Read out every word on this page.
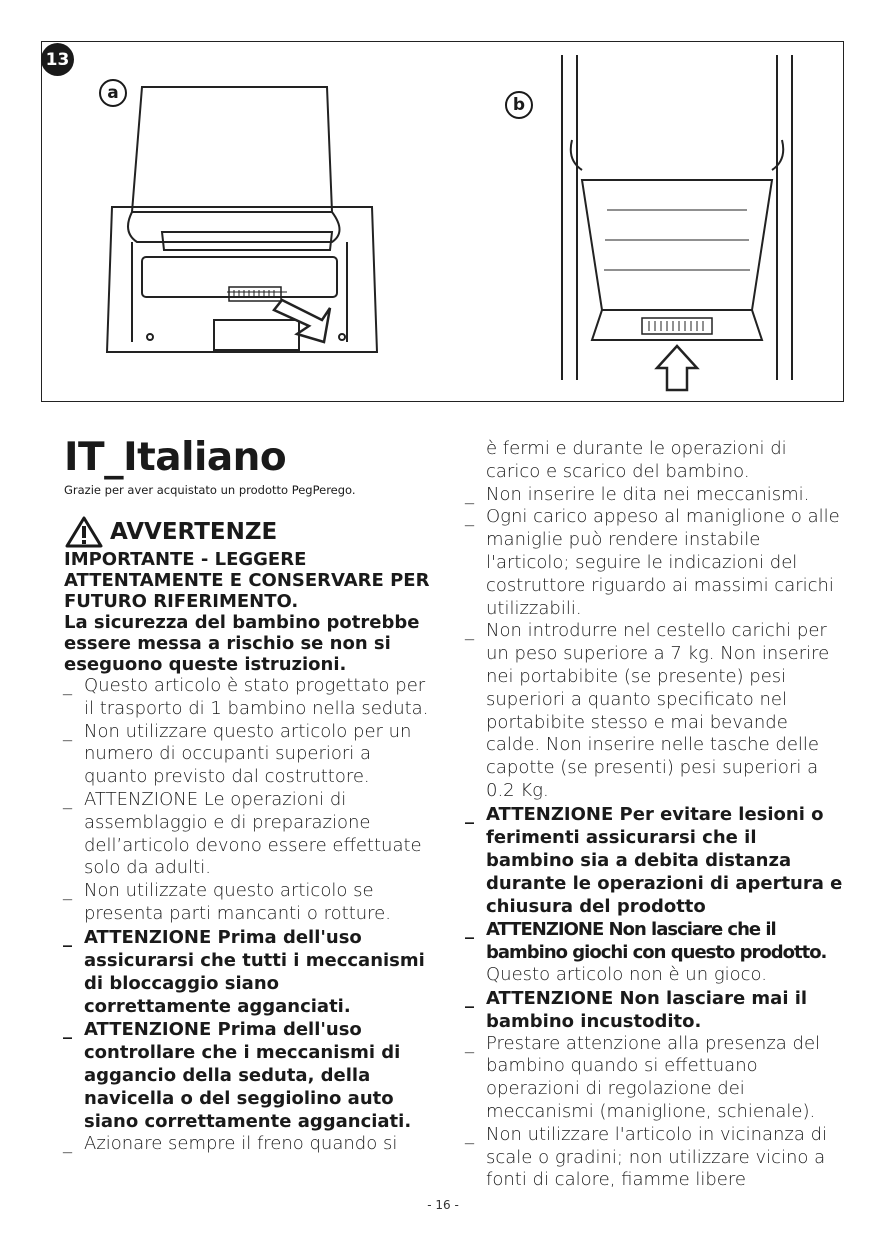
13
a
b
IT_Italiano
Grazie per aver acquistato un prodotto PegPerego.
AVVERTENZE
IMPORTANTE - LEGGERE ATTENTAMENTE E CONSERVARE PER FUTURO RIFERIMENTO.
La sicurezza del bambino potrebbe essere messa a rischio se non si eseguono queste istruzioni.
_ Questo articolo è stato progettato per il trasporto di 1 bambino nella seduta.
_ Non utilizzare questo articolo per un numero di occupanti superiori a quanto previsto dal costruttore.
_ ATTENZIONE Le operazioni di assemblaggio e di preparazione dell’articolo devono essere effettuate solo da adulti.
_ Non utilizzate questo articolo se presenta parti mancanti o rotture.
_ ATTENZIONE Prima dell'uso assicurarsi che tutti i meccanismi di bloccaggio siano correttamente agganciati.
_ ATTENZIONE Prima dell'uso controllare che i meccanismi di aggancio della seduta, della navicella o del seggiolino auto siano correttamente agganciati.
_ Azionare sempre il freno quando si
è fermi e durante le operazioni di carico e scarico del bambino.
_ Non inserire le dita nei meccanismi.
_ Ogni carico appeso al maniglione o alle maniglie può rendere instabile l'articolo; seguire le indicazioni del costruttore riguardo ai massimi carichi utilizzabili.
_ Non introdurre nel cestello carichi per un peso superiore a 7 kg. Non inserire nei portabibite (se presente) pesi superiori a quanto specificato nel portabibite stesso e mai bevande calde. Non inserire nelle tasche delle capotte (se presenti) pesi superiori a 0.2 Kg.
_ ATTENZIONE Per evitare lesioni o ferimenti assicurarsi che il bambino sia a debita distanza durante le operazioni di apertura e chiusura del prodotto
_ ATTENZIONE Non lasciare che il bambino giochi con questo prodotto.
Questo articolo non è un gioco.
_ ATTENZIONE Non lasciare mai il bambino incustodito.
_ Prestare attenzione alla presenza del bambino quando si effettuano operazioni di regolazione dei meccanismi (maniglione, schienale).
_ Non utilizzare l'articolo in vicinanza di scale o gradini; non utilizzare vicino a fonti di calore, fiamme libere
- 16 -
